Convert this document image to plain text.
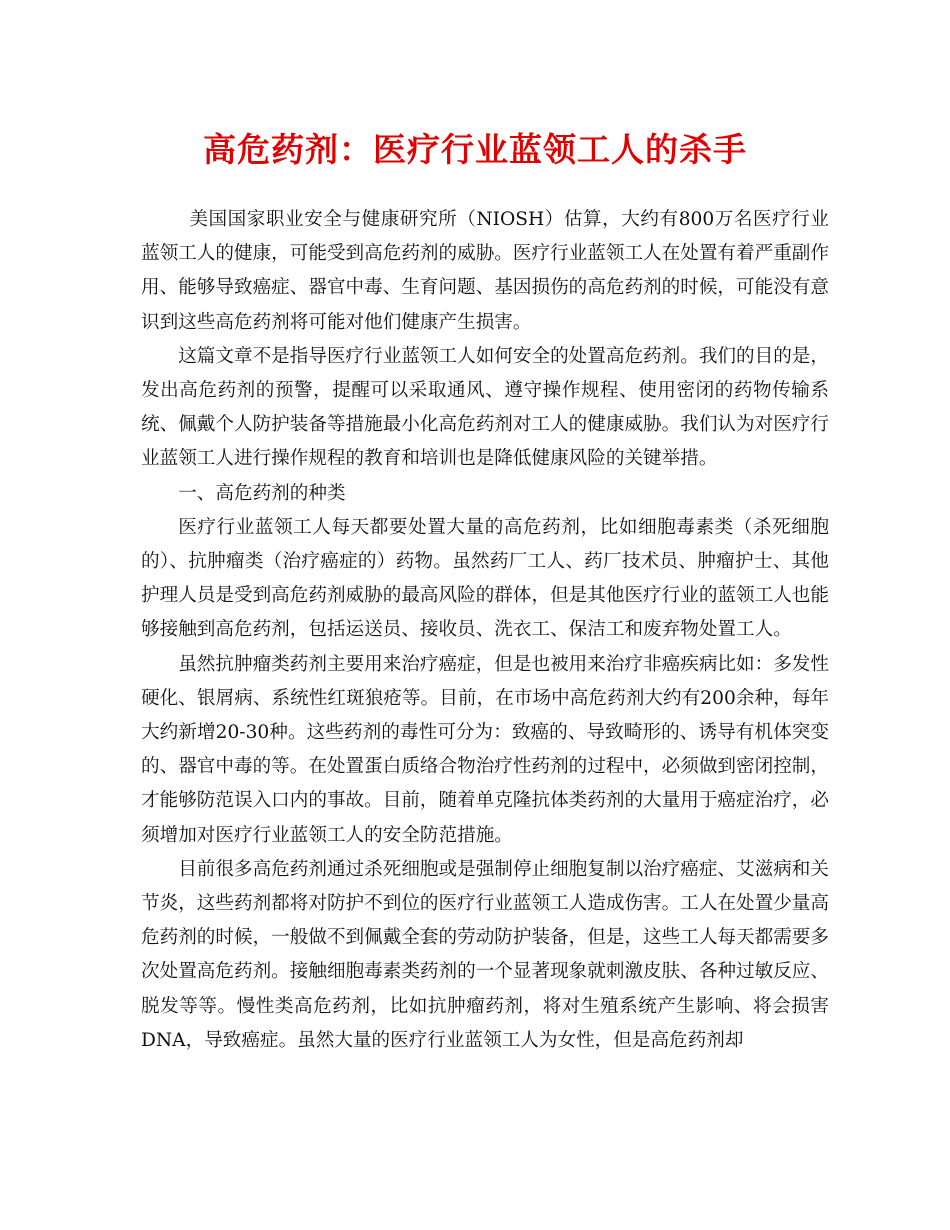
高危药剂：医疗行业蓝领工人的杀手

美国国家职业安全与健康研究所（NIOSH）估算，大约有800万名医疗行业蓝领工人的健康，可能受到高危药剂的威胁。医疗行业蓝领工人在处置有着严重副作用、能够导致癌症、器官中毒、生育问题、基因损伤的高危药剂的时候，可能没有意识到这些高危药剂将可能对他们健康产生损害。

这篇文章不是指导医疗行业蓝领工人如何安全的处置高危药剂。我们的目的是，发出高危药剂的预警，提醒可以采取通风、遵守操作规程、使用密闭的药物传输系统、佩戴个人防护装备等措施最小化高危药剂对工人的健康威胁。我们认为对医疗行业蓝领工人进行操作规程的教育和培训也是降低健康风险的关键举措。

一、高危药剂的种类

医疗行业蓝领工人每天都要处置大量的高危药剂，比如细胞毒素类（杀死细胞的）、抗肿瘤类（治疗癌症的）药物。虽然药厂工人、药厂技术员、肿瘤护士、其他护理人员是受到高危药剂威胁的最高风险的群体，但是其他医疗行业的蓝领工人也能够接触到高危药剂，包括运送员、接收员、洗衣工、保洁工和废弃物处置工人。

虽然抗肿瘤类药剂主要用来治疗癌症，但是也被用来治疗非癌疾病比如：多发性硬化、银屑病、系统性红斑狼疮等。目前，在市场中高危药剂大约有200余种，每年大约新增20-30种。这些药剂的毒性可分为：致癌的、导致畸形的、诱导有机体突变的、器官中毒的等。在处置蛋白质络合物治疗性药剂的过程中，必须做到密闭控制，才能够防范误入口内的事故。目前，随着单克隆抗体类药剂的大量用于癌症治疗，必须增加对医疗行业蓝领工人的安全防范措施。

目前很多高危药剂通过杀死细胞或是强制停止细胞复制以治疗癌症、艾滋病和关节炎，这些药剂都将对防护不到位的医疗行业蓝领工人造成伤害。工人在处置少量高危药剂的时候，一般做不到佩戴全套的劳动防护装备，但是，这些工人每天都需要多次处置高危药剂。接触细胞毒素类药剂的一个显著现象就刺激皮肤、各种过敏反应、脱发等等。慢性类高危药剂，比如抗肿瘤药剂，将对生殖系统产生影响、将会损害DNA，导致癌症。虽然大量的医疗行业蓝领工人为女性，但是高危药剂却
